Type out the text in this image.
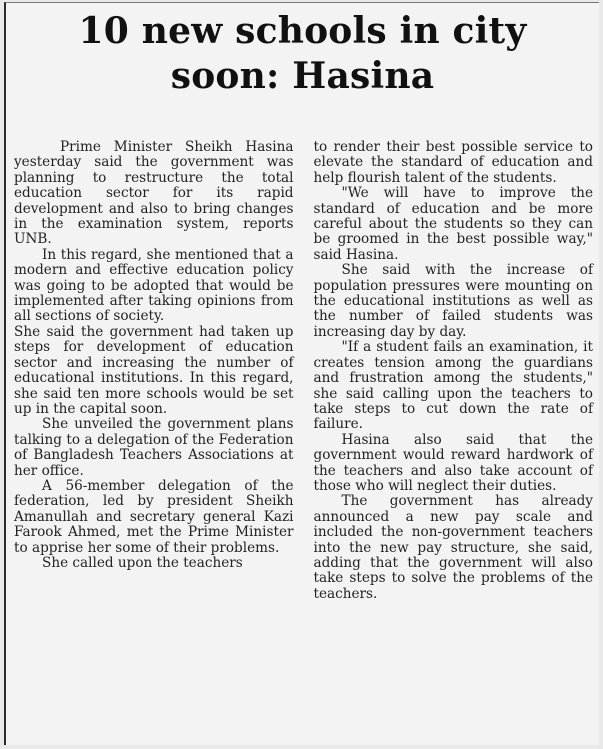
10 new schools in city
soon: Hasina

Prime Minister Sheikh Hasina yesterday said the government was planning to restructure the total education sector for its rapid development and also to bring changes in the examination system, reports UNB.

In this regard, she mentioned that a modern and effective education policy was going to be adopted that would be implemented after taking opinions from all sections of society.

She said the government had taken up steps for development of education sector and increasing the number of educational institutions. In this regard, she said ten more schools would be set up in the capital soon.

She unveiled the government plans talking to a delegation of the Federation of Bangladesh Teachers Associations at her office.

A 56-member delegation of the federation, led by president Sheikh Amanullah and secretary general Kazi Farook Ahmed, met the Prime Minister to apprise her some of their problems.

She called upon the teachers

to render their best possible service to elevate the standard of education and help flourish talent of the students.

"We will have to improve the standard of education and be more careful about the students so they can be groomed in the best possible way," said Hasina.

She said with the increase of population pressures were mounting on the educational institutions as well as the number of failed students was increasing day by day.

"If a student fails an examination, it creates tension among the guardians and frustration among the students," she said calling upon the teachers to take steps to cut down the rate of failure.

Hasina also said that the government would reward hardwork of the teachers and also take account of those who will neglect their duties.

The government has already announced a new pay scale and included the non-government teachers into the new pay structure, she said, adding that the government will also take steps to solve the problems of the teachers.
